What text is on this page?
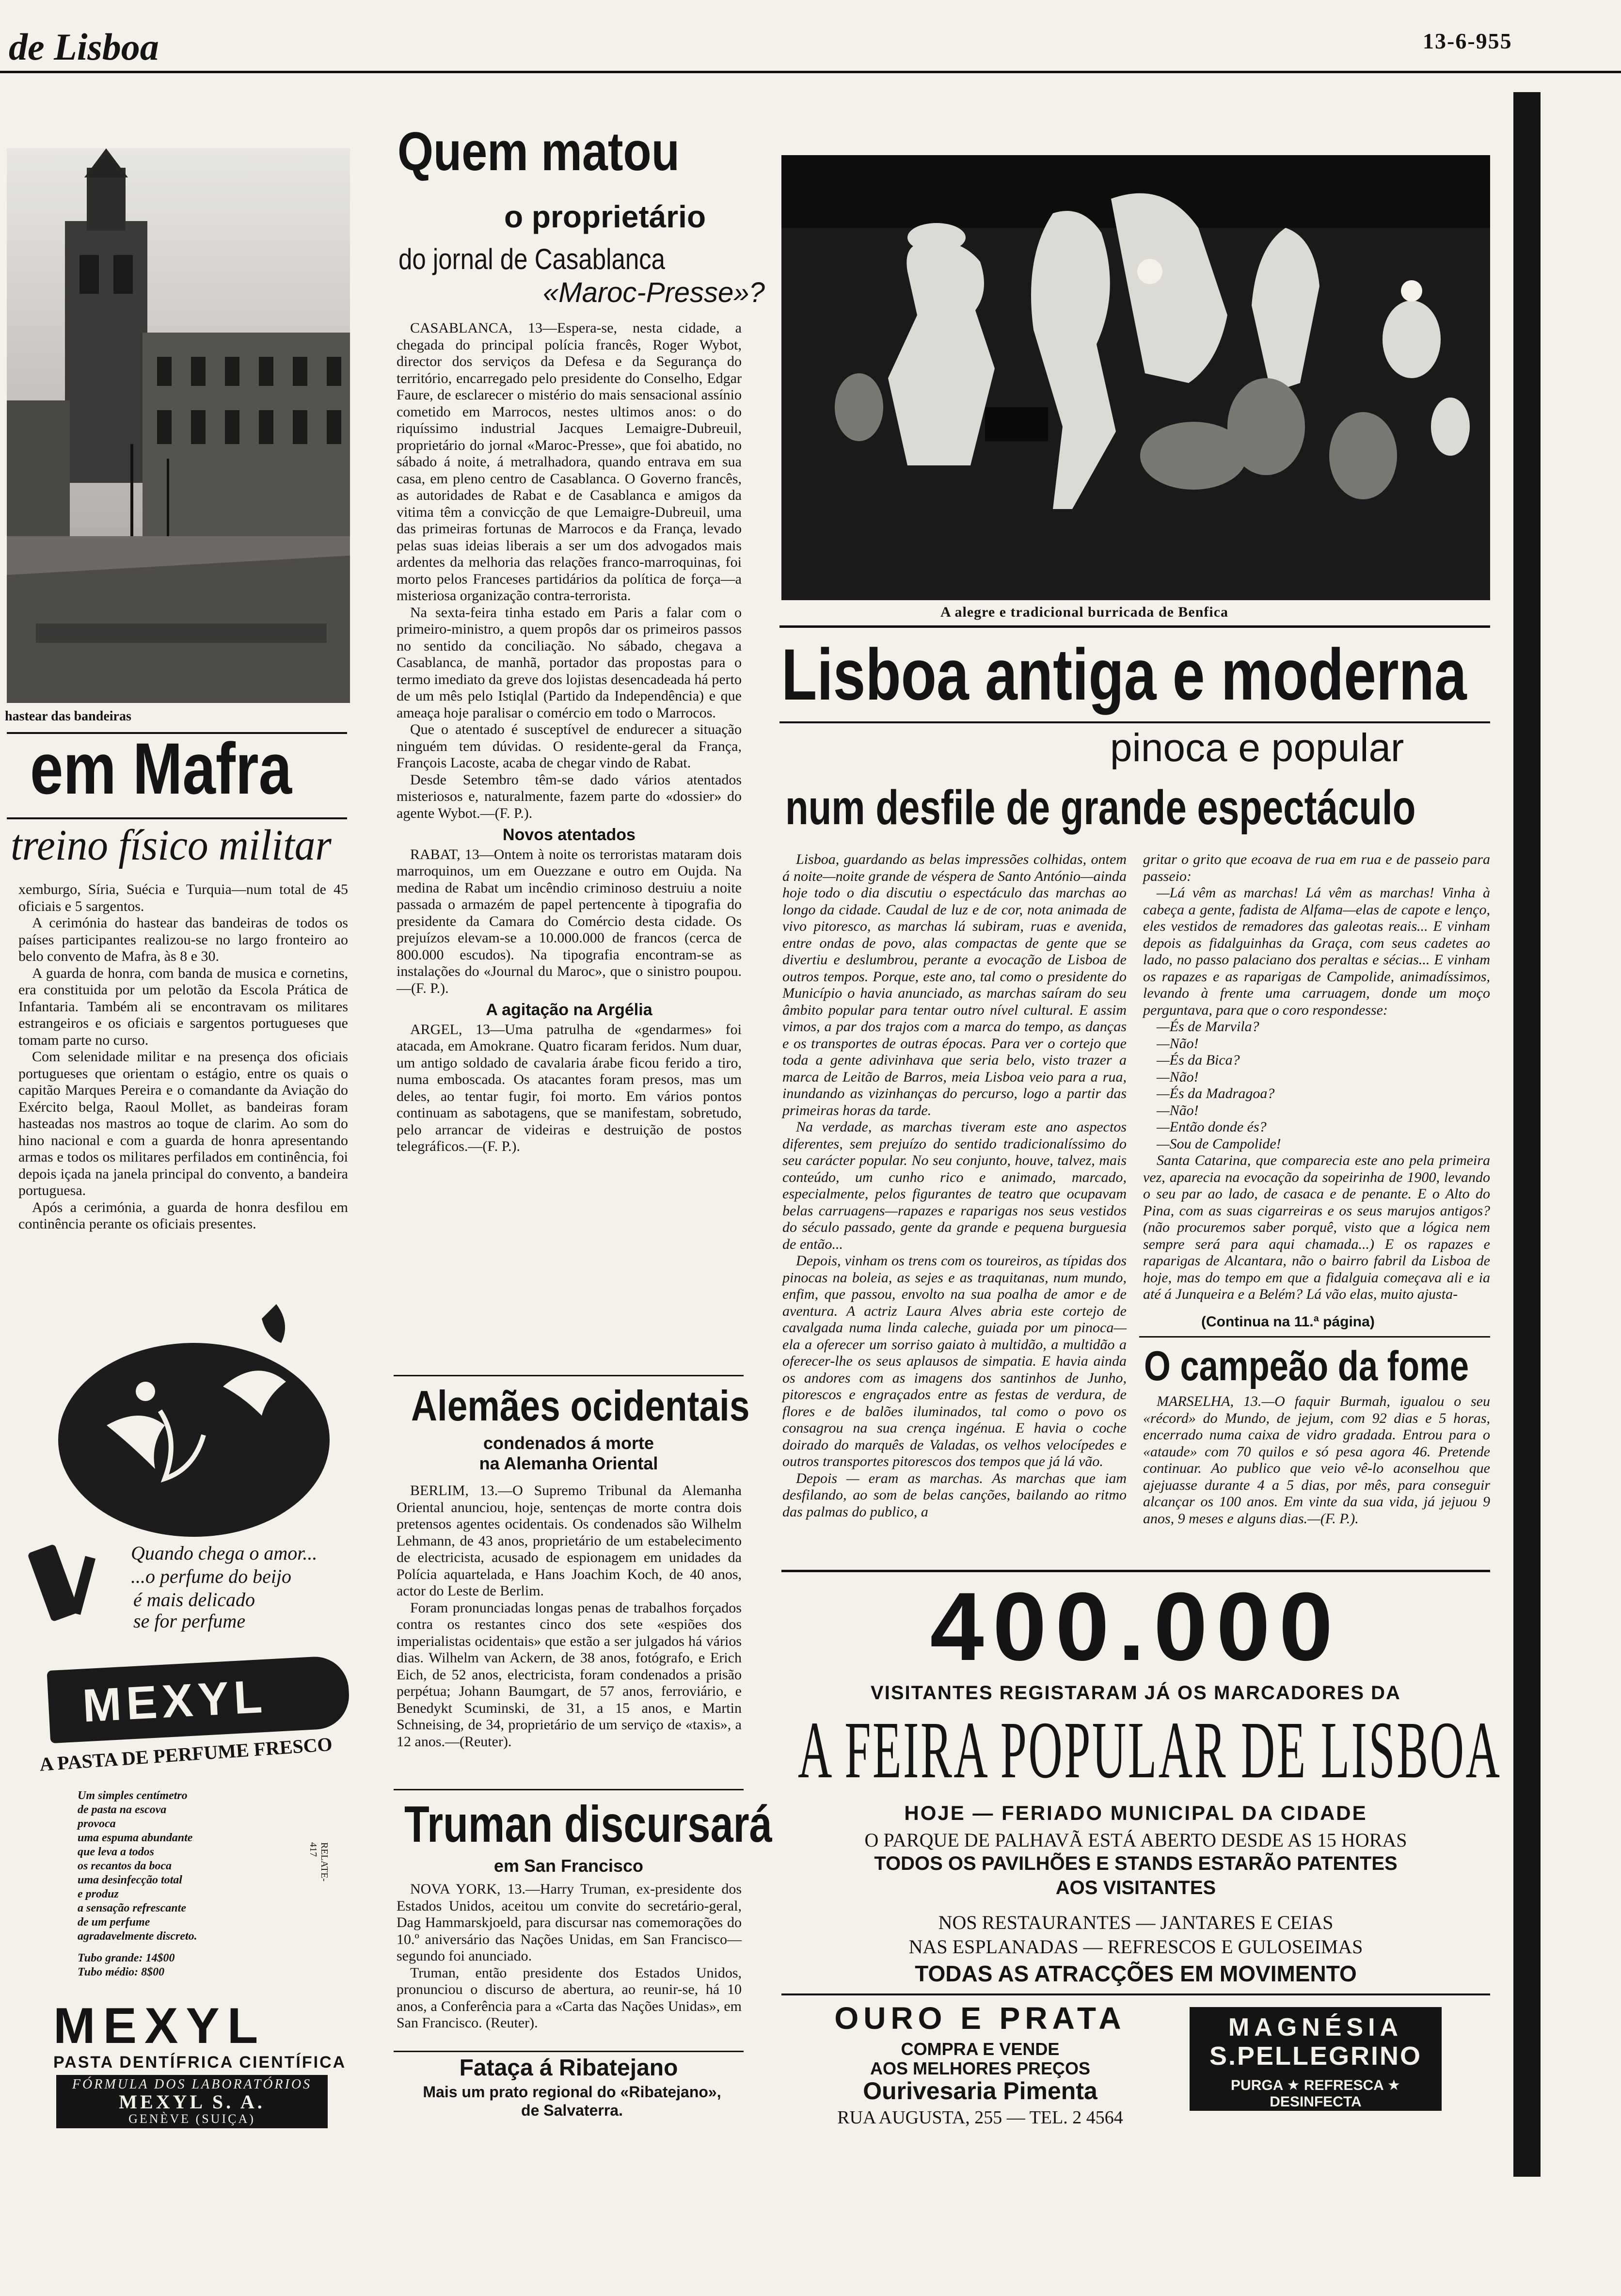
de Lisboa	13-6-955
hastear das bandeiras
em Mafra
treino físico militar

xemburgo, Síria, Suécia e Turquia—num total de 45 oficiais e 5 sargentos.

A cerimónia do hastear das bandeiras de todos os países participantes realizou-se no largo fronteiro ao belo convento de Mafra, às 8 e 30.

A guarda de honra, com banda de musica e cornetins, era constituida por um pelotão da Escola Prática de Infantaria. Também ali se encontravam os militares estrangeiros e os oficiais e sargentos portugueses que tomam parte no curso.

Com selenidade militar e na presença dos oficiais portugueses que orientam o estágio, entre os quais o capitão Marques Pereira e o comandante da Aviação do Exército belga, Raoul Mollet, as bandeiras foram hasteadas nos mastros ao toque de clarim. Ao som do hino nacional e com a guarda de honra apresentando armas e todos os militares perfilados em continência, foi depois içada na janela principal do convento, a bandeira portuguesa.

Após a cerimónia, a guarda de honra desfilou em continência perante os oficiais presentes.

Quando chega o amor...
...o perfume do beijo
é mais delicado
se for perfume
MEXYL
A PASTA DE PERFUME FRESCO
Um simples centímetro
de pasta na escova
provoca
uma espuma abundante
que leva a todos
os recantos da boca
uma desinfecção total
e produz
a sensação refrescante
de um perfume
agradavelmente discreto.
Tubo grande: 14$00
Tubo médio: 8$00
RELATE-417
MEXYL
PASTA DENTÍFRICA CIENTÍFICA
FÓRMULA DOS LABORATÓRIOS
MEXYL S. A.
GENÈVE (SUIÇA)
Quem matou
o proprietário
do jornal de Casablanca
«Maroc-Presse»?

CASABLANCA, 13—Espera-se, nesta cidade, a chegada do principal polícia francês, Roger Wybot, director dos serviços da Defesa e da Segurança do território, encarregado pelo presidente do Conselho, Edgar Faure, de esclarecer o mistério do mais sensacional assínio cometido em Marrocos, nestes ultimos anos: o do riquíssimo industrial Jacques Lemaigre-Dubreuil, proprietário do jornal «Maroc-Presse», que foi abatido, no sábado á noite, á metralhadora, quando entrava em sua casa, em pleno centro de Casablanca. O Governo francês, as autoridades de Rabat e de Casablanca e amigos da vitima têm a convicção de que Lemaigre-Dubreuil, uma das primeiras fortunas de Marrocos e da França, levado pelas suas ideias liberais a ser um dos advogados mais ardentes da melhoria das relações franco-marroquinas, foi morto pelos Franceses partidários da política de força—a misteriosa organização contra-terrorista.

Na sexta-feira tinha estado em Paris a falar com o primeiro-ministro, a quem propôs dar os primeiros passos no sentido da conciliação. No sábado, chegava a Casablanca, de manhã, portador das propostas para o termo imediato da greve dos lojistas desencadeada há perto de um mês pelo Istiqlal (Partido da Independência) e que ameaça hoje paralisar o comércio em todo o Marrocos.

Que o atentado é susceptível de endurecer a situação ninguém tem dúvidas. O residente-geral da França, François Lacoste, acaba de chegar vindo de Rabat.

Desde Setembro têm-se dado vários atentados misteriosos e, naturalmente, fazem parte do «dossier» do agente Wybot.—(F. P.).

Novos atentados

RABAT, 13—Ontem à noite os terroristas mataram dois marroquinos, um em Ouezzane e outro em Oujda. Na medina de Rabat um incêndio criminoso destruiu a noite passada o armazém de papel pertencente à tipografia do presidente da Camara do Comércio desta cidade. Os prejuízos elevam-se a 10.000.000 de francos (cerca de 800.000 escudos). Na tipografia encontram-se as instalações do «Journal du Maroc», que o sinistro poupou.—(F. P.).

A agitação na Argélia

ARGEL, 13—Uma patrulha de «gendarmes» foi atacada, em Amokrane. Quatro ficaram feridos. Num duar, um antigo soldado de cavalaria árabe ficou ferido a tiro, numa emboscada. Os atacantes foram presos, mas um deles, ao tentar fugir, foi morto. Em vários pontos continuam as sabotagens, que se manifestam, sobretudo, pelo arrancar de videiras e destruição de postos telegráficos.—(F. P.).

Alemães ocidentais
condenados á morte
na Alemanha Oriental

BERLIM, 13.—O Supremo Tribunal da Alemanha Oriental anunciou, hoje, sentenças de morte contra dois pretensos agentes ocidentais. Os condenados são Wilhelm Lehmann, de 43 anos, proprietário de um estabelecimento de electricista, acusado de espionagem em unidades da Polícia aquartelada, e Hans Joachim Koch, de 40 anos, actor do Leste de Berlim.

Foram pronunciadas longas penas de trabalhos forçados contra os restantes cinco dos sete «espiões dos imperialistas ocidentais» que estão a ser julgados há vários dias. Wilhelm van Ackern, de 38 anos, fotógrafo, e Erich Eich, de 52 anos, electricista, foram condenados a prisão perpétua; Johann Baumgart, de 57 anos, ferroviário, e Benedykt Scuminski, de 31, a 15 anos, e Martin Schneising, de 34, proprietário de um serviço de «taxis», a 12 anos.—(Reuter).

Truman discursará
em San Francisco

NOVA YORK, 13.—Harry Truman, ex-presidente dos Estados Unidos, aceitou um convite do secretário-geral, Dag Hammarskjoeld, para discursar nas comemorações do 10.º aniversário das Nações Unidas, em San Francisco—segundo foi anunciado.

Truman, então presidente dos Estados Unidos, pronunciou o discurso de abertura, ao reunir-se, há 10 anos, a Conferência para a «Carta das Nações Unidas», em San Francisco. (Reuter).

Fataça á Ribatejano
Mais um prato regional do «Ribatejano», de Salvaterra.
A alegre e tradicional burricada de Benfica
Lisboa antiga e moderna
pinoca e popular
num desfile de grande espectáculo

Lisboa, guardando as belas impressões colhidas, ontem á noite—noite grande de véspera de Santo António—ainda hoje todo o dia discutiu o espectáculo das marchas ao longo da cidade. Caudal de luz e de cor, nota animada de vivo pitoresco, as marchas lá subiram, ruas e avenida, entre ondas de povo, alas compactas de gente que se divertiu e deslumbrou, perante a evocação de Lisboa de outros tempos. Porque, este ano, tal como o presidente do Município o havia anunciado, as marchas saíram do seu âmbito popular para tentar outro nível cultural. E assim vimos, a par dos trajos com a marca do tempo, as danças e os transportes de outras épocas. Para ver o cortejo que toda a gente adivinhava que seria belo, visto trazer a marca de Leitão de Barros, meia Lisboa veio para a rua, inundando as vizinhanças do percurso, logo a partir das primeiras horas da tarde.

Na verdade, as marchas tiveram este ano aspectos diferentes, sem prejuízo do sentido tradicionalíssimo do seu carácter popular. No seu conjunto, houve, talvez, mais conteúdo, um cunho rico e animado, marcado, especialmente, pelos figurantes de teatro que ocupavam belas carruagens—rapazes e raparigas nos seus vestidos do século passado, gente da grande e pequena burguesia de então...

Depois, vinham os trens com os toureiros, as típidas dos pinocas na boleia, as sejes e as traquitanas, num mundo, enfim, que passou, envolto na sua poalha de amor e de aventura. A actriz Laura Alves abria este cortejo de cavalgada numa linda caleche, guiada por um pinoca—ela a oferecer um sorriso gaiato à multidão, a multidão a oferecer-lhe os seus aplausos de simpatia. E havia ainda os andores com as imagens dos santinhos de Junho, pitorescos e engraçados entre as festas de verdura, de flores e de balões iluminados, tal como o povo os consagrou na sua crença ingénua. E havia o coche doirado do marquês de Valadas, os velhos velocípedes e outros transportes pitorescos dos tempos que já lá vão.

Depois — eram as marchas. As marchas que iam desfilando, ao som de belas canções, bailando ao ritmo das palmas do publico, a

gritar o grito que ecoava de rua em rua e de passeio para passeio:

—Lá vêm as marchas! Lá vêm as marchas! Vinha à cabeça a gente, fadista de Alfama—elas de capote e lenço, eles vestidos de remadores das galeotas reais... E vinham depois as fidalguinhas da Graça, com seus cadetes ao lado, no passo palaciano dos peraltas e sécias... E vinham os rapazes e as raparigas de Campolide, animadíssimos, levando à frente uma carruagem, donde um moço perguntava, para que o coro respondesse:

—És de Marvila?

—Não!

—És da Bica?

—Não!

—És da Madragoa?

—Não!

—Então donde és?

—Sou de Campolide!

Santa Catarina, que comparecia este ano pela primeira vez, aparecia na evocação da sopeirinha de 1900, levando o seu par ao lado, de casaca e de penante. E o Alto do Pina, com as suas cigarreiras e os seus marujos antigos? (não procuremos saber porquê, visto que a lógica nem sempre será para aqui chamada...) E os rapazes e raparigas de Alcantara, não o bairro fabril da Lisboa de hoje, mas do tempo em que a fidalguia começava ali e ia até á Junqueira e a Belém? Lá vão elas, muito ajusta-

(Continua na 11.ª página)
O campeão da fome

MARSELHA, 13.—O faquir Burmah, igualou o seu «récord» do Mundo, de jejum, com 92 dias e 5 horas, encerrado numa caixa de vidro gradada. Entrou para o «ataude» com 70 quilos e só pesa agora 46. Pretende continuar. Ao publico que veio vê-lo aconselhou que ajejuasse durante 4 a 5 dias, por mês, para conseguir alcançar os 100 anos. Em vinte da sua vida, já jejuou 9 anos, 9 meses e alguns dias.—(F. P.).

400.000
VISITANTES REGISTARAM JÁ OS MARCADORES DA
A FEIRA POPULAR DE LISBOA
HOJE — FERIADO MUNICIPAL DA CIDADE
O PARQUE DE PALHAVÃ ESTÁ ABERTO DESDE AS 15 HORAS
TODOS OS PAVILHÕES E STANDS ESTARÃO PATENTES
AOS VISITANTES
NOS RESTAURANTES — JANTARES E CEIAS
NAS ESPLANADAS — REFRESCOS E GULOSEIMAS
TODAS AS ATRACÇÕES EM MOVIMENTO
OURO E PRATA
COMPRA E VENDE
AOS MELHORES PREÇOS
Ourivesaria Pimenta
RUA AUGUSTA, 255 — TEL. 2 4564
MAGNÉSIA
S.PELLEGRINO
PURGA ★ REFRESCA ★ DESINFECTA
